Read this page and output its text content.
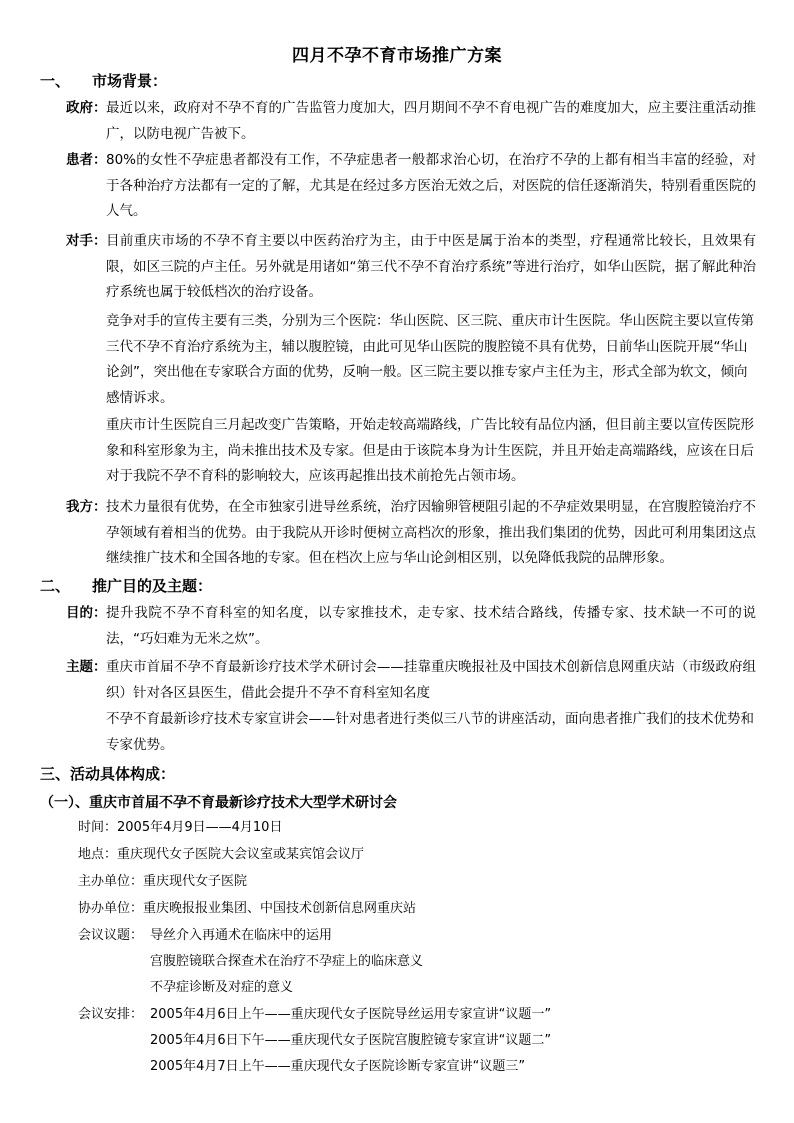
四月不孕不育市场推广方案
一、 市场背景：
政府： 最近以来，政府对不孕不育的广告监管力度加大，四月期间不孕不育电视广告的难度加大，应主要注重活动推广，以防电视广告被下。
患者： 80%的女性不孕症患者都没有工作，不孕症患者一般都求治心切，在治疗不孕的上都有相当丰富的经验，对于各种治疗方法都有一定的了解，尤其是在经过多方医治无效之后，对医院的信任逐渐消失，特别看重医院的人气。
对手： 目前重庆市场的不孕不育主要以中医药治疗为主，由于中医是属于治本的类型，疗程通常比较长，且效果有限，如区三院的卢主任。另外就是用诸如“第三代不孕不育治疗系统”等进行治疗，如华山医院，据了解此种治疗系统也属于较低档次的治疗设备。
竞争对手的宣传主要有三类，分别为三个医院：华山医院、区三院、重庆市计生医院。华山医院主要以宣传第三代不孕不育治疗系统为主，辅以腹腔镜，由此可见华山医院的腹腔镜不具有优势，日前华山医院开展“华山论剑”，突出他在专家联合方面的优势，反响一般。区三院主要以推专家卢主任为主，形式全部为软文，倾向感情诉求。
重庆市计生医院自三月起改变广告策略，开始走较高端路线，广告比较有品位内涵，但目前主要以宣传医院形象和科室形象为主，尚未推出技术及专家。但是由于该院本身为计生医院，并且开始走高端路线，应该在日后对于我院不孕不育科的影响较大，应该再起推出技术前抢先占领市场。
我方： 技术力量很有优势，在全市独家引进导丝系统，治疗因输卵管梗阻引起的不孕症效果明显，在宫腹腔镜治疗不孕领域有着相当的优势。由于我院从开诊时便树立高档次的形象，推出我们集团的优势，因此可利用集团这点继续推广技术和全国各地的专家。但在档次上应与华山论剑相区别，以免降低我院的品牌形象。
二、 推广目的及主题：
目的： 提升我院不孕不育科室的知名度，以专家推技术，走专家、技术结合路线，传播专家、技术缺一不可的说法，“巧妇难为无米之炊”。
主题： 重庆市首届不孕不育最新诊疗技术学术研讨会——挂靠重庆晚报社及中国技术创新信息网重庆站（市级政府组织）针对各区县医生，借此会提升不孕不育科室知名度
不孕不育最新诊疗技术专家宣讲会——针对患者进行类似三八节的讲座活动，面向患者推广我们的技术优势和专家优势。
三、活动具体构成：
（一）、重庆市首届不孕不育最新诊疗技术大型学术研讨会
时间：2005年4月9日——4月10日
地点：重庆现代女子医院大会议室或某宾馆会议厅
主办单位：重庆现代女子医院
协办单位：重庆晚报报业集团、中国技术创新信息网重庆站
会议议题： 导丝介入再通术在临床中的运用
宫腹腔镜联合探查术在治疗不孕症上的临床意义
不孕症诊断及对症的意义
会议安排： 2005年4月6日上午——重庆现代女子医院导丝运用专家宣讲“议题一”
2005年4月6日下午——重庆现代女子医院宫腹腔镜专家宣讲“议题二”
2005年4月7日上午——重庆现代女子医院诊断专家宣讲“议题三”
